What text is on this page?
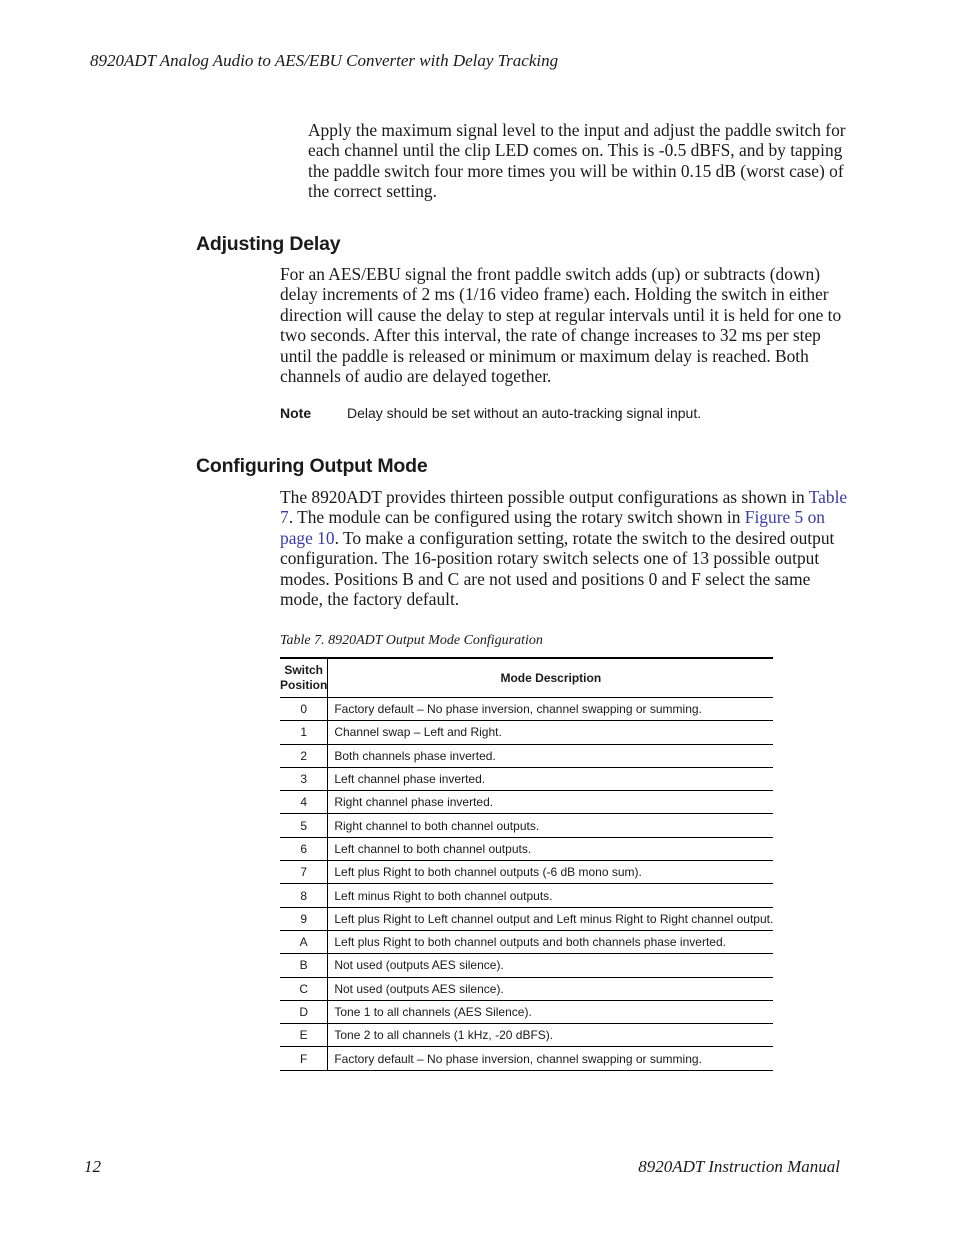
8920ADT Analog Audio to AES/EBU Converter with Delay Tracking

Apply the maximum signal level to the input and adjust the paddle switch for each channel until the clip LED comes on. This is -0.5 dBFS, and by tapping the paddle switch four more times you will be within 0.15 dB (worst case) of the correct setting.

Adjusting Delay

For an AES/EBU signal the front paddle switch adds (up) or subtracts (down) delay increments of 2 ms (1/16 video frame) each. Holding the switch in either direction will cause the delay to step at regular intervals until it is held for one to two seconds. After this interval, the rate of change increases to 32 ms per step until the paddle is released or minimum or maximum delay is reached. Both channels of audio are delayed together.

Note	Delay should be set without an auto-tracking signal input.
Configuring Output Mode

The 8920ADT provides thirteen possible output configurations as shown in Table 7. The module can be configured using the rotary switch shown in Figure 5 on page 10. To make a configuration setting, rotate the switch to the desired output configuration. The 16-position rotary switch selects one of 13 possible output modes. Positions B and C are not used and positions 0 and F select the same mode, the factory default.

Table 7. 8920ADT Output Mode Configuration
Switch
Position	Mode Description
0	Factory default – No phase inversion, channel swapping or summing.
1	Channel swap – Left and Right.
2	Both channels phase inverted.
3	Left channel phase inverted.
4	Right channel phase inverted.
5	Right channel to both channel outputs.
6	Left channel to both channel outputs.
7	Left plus Right to both channel outputs (-6 dB mono sum).
8	Left minus Right to both channel outputs.
9	Left plus Right to Left channel output and Left minus Right to Right channel output.
A	Left plus Right to both channel outputs and both channels phase inverted.
B	Not used (outputs AES silence).
C	Not used (outputs AES silence).
D	Tone 1 to all channels (AES Silence).
E	Tone 2 to all channels (1 kHz, -20 dBFS).
F	Factory default – No phase inversion, channel swapping or summing.
12	8920ADT Instruction Manual
